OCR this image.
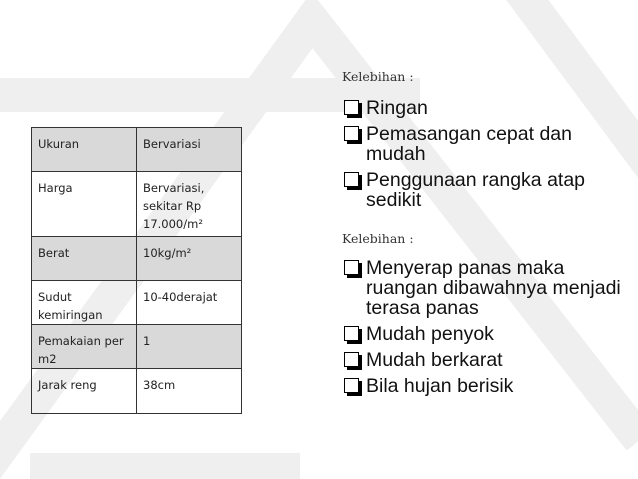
Ukuran	Bervariasi
Harga	Bervariasi, sekitar Rp 17.000/m²
Berat	10kg/m²
Sudut kemiringan	10-40derajat
Pemakaian per m2	1
Jarak reng	38cm
Kelebihan :
Ringan
Pemasangan cepat dan mudah
Penggunaan rangka atap sedikit
Kelebihan :
Menyerap panas maka ruangan dibawahnya menjadi terasa panas
Mudah penyok
Mudah berkarat
Bila hujan berisik
